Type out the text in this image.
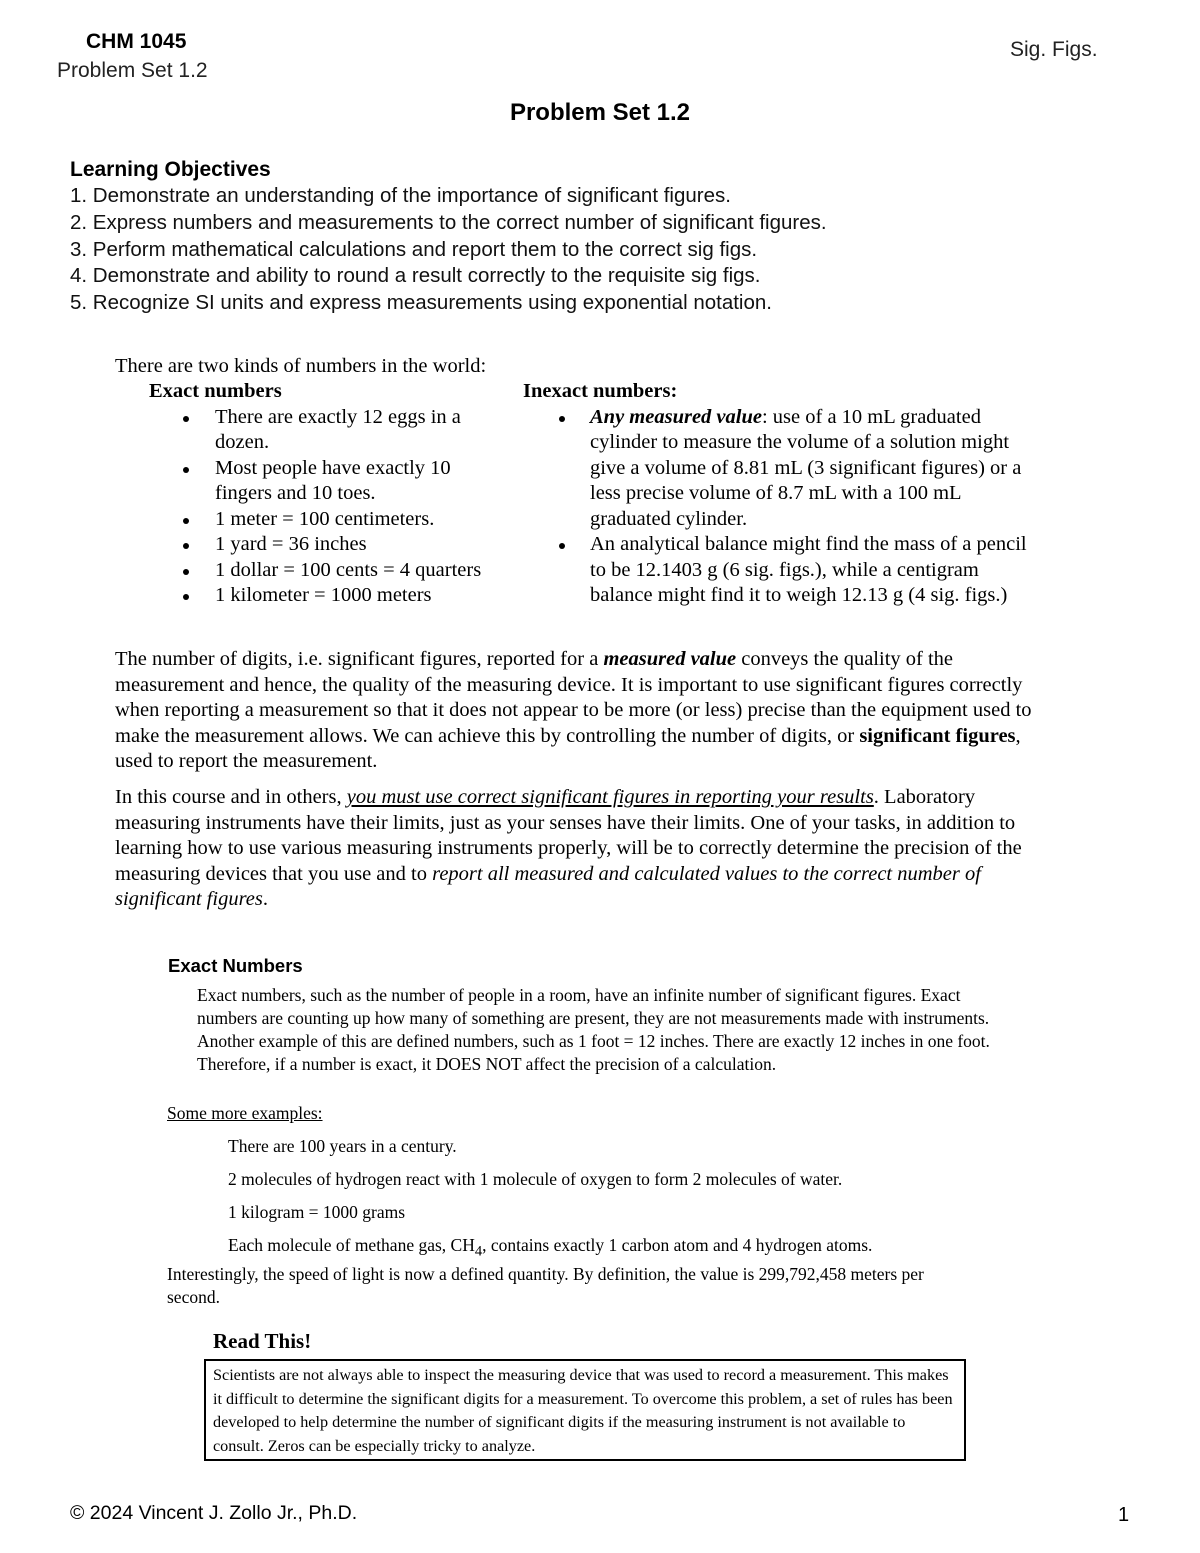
CHM 1045
Problem Set 1.2
Sig. Figs.
Problem Set 1.2
Learning Objectives
1. Demonstrate an understanding of the importance of significant figures.
2. Express numbers and measurements to the correct number of significant figures.
3. Perform mathematical calculations and report them to the correct sig figs.
4. Demonstrate and ability to round a result correctly to the requisite sig figs.
5. Recognize SI units and express measurements using exponential notation.
There are two kinds of numbers in the world:
Exact numbers
There are exactly 12 eggs in a dozen.
Most people have exactly 10 fingers and 10 toes.
1 meter = 100 centimeters.
1 yard = 36 inches
1 dollar = 100 cents = 4 quarters
1 kilometer = 1000 meters
Inexact numbers:
Any measured value: use of a 10 mL graduated cylinder to measure the volume of a solution might give a volume of 8.81 mL (3 significant figures) or a less precise volume of 8.7 mL with a 100 mL graduated cylinder.
An analytical balance might find the mass of a pencil to be 12.1403 g (6 sig. figs.), while a centigram balance might find it to weigh 12.13 g (4 sig. figs.)
The number of digits, i.e. significant figures, reported for a measured value conveys the quality of the measurement and hence, the quality of the measuring device. It is important to use significant figures correctly when reporting a measurement so that it does not appear to be more (or less) precise than the equipment used to make the measurement allows. We can achieve this by controlling the number of digits, or significant figures, used to report the measurement.
In this course and in others, you must use correct significant figures in reporting your results. Laboratory measuring instruments have their limits, just as your senses have their limits. One of your tasks, in addition to learning how to use various measuring instruments properly, will be to correctly determine the precision of the measuring devices that you use and to report all measured and calculated values to the correct number of significant figures.
Exact Numbers
Exact numbers, such as the number of people in a room, have an infinite number of significant figures. Exact numbers are counting up how many of something are present, they are not measurements made with instruments. Another example of this are defined numbers, such as 1 foot = 12 inches. There are exactly 12 inches in one foot. Therefore, if a number is exact, it DOES NOT affect the precision of a calculation.
Some more examples:
There are 100 years in a century.
2 molecules of hydrogen react with 1 molecule of oxygen to form 2 molecules of water.
1 kilogram = 1000 grams
Each molecule of methane gas, $CH_4$, contains exactly 1 carbon atom and 4 hydrogen atoms.
Interestingly, the speed of light is now a defined quantity. By definition, the value is 299,792,458 meters per second.
Read This!
Scientists are not always able to inspect the measuring device that was used to record a measurement. This makes it difficult to determine the significant digits for a measurement. To overcome this problem, a set of rules has been developed to help determine the number of significant digits if the measuring instrument is not available to consult. Zeros can be especially tricky to analyze.
© 2024 Vincent J. Zollo Jr., Ph.D.	1
